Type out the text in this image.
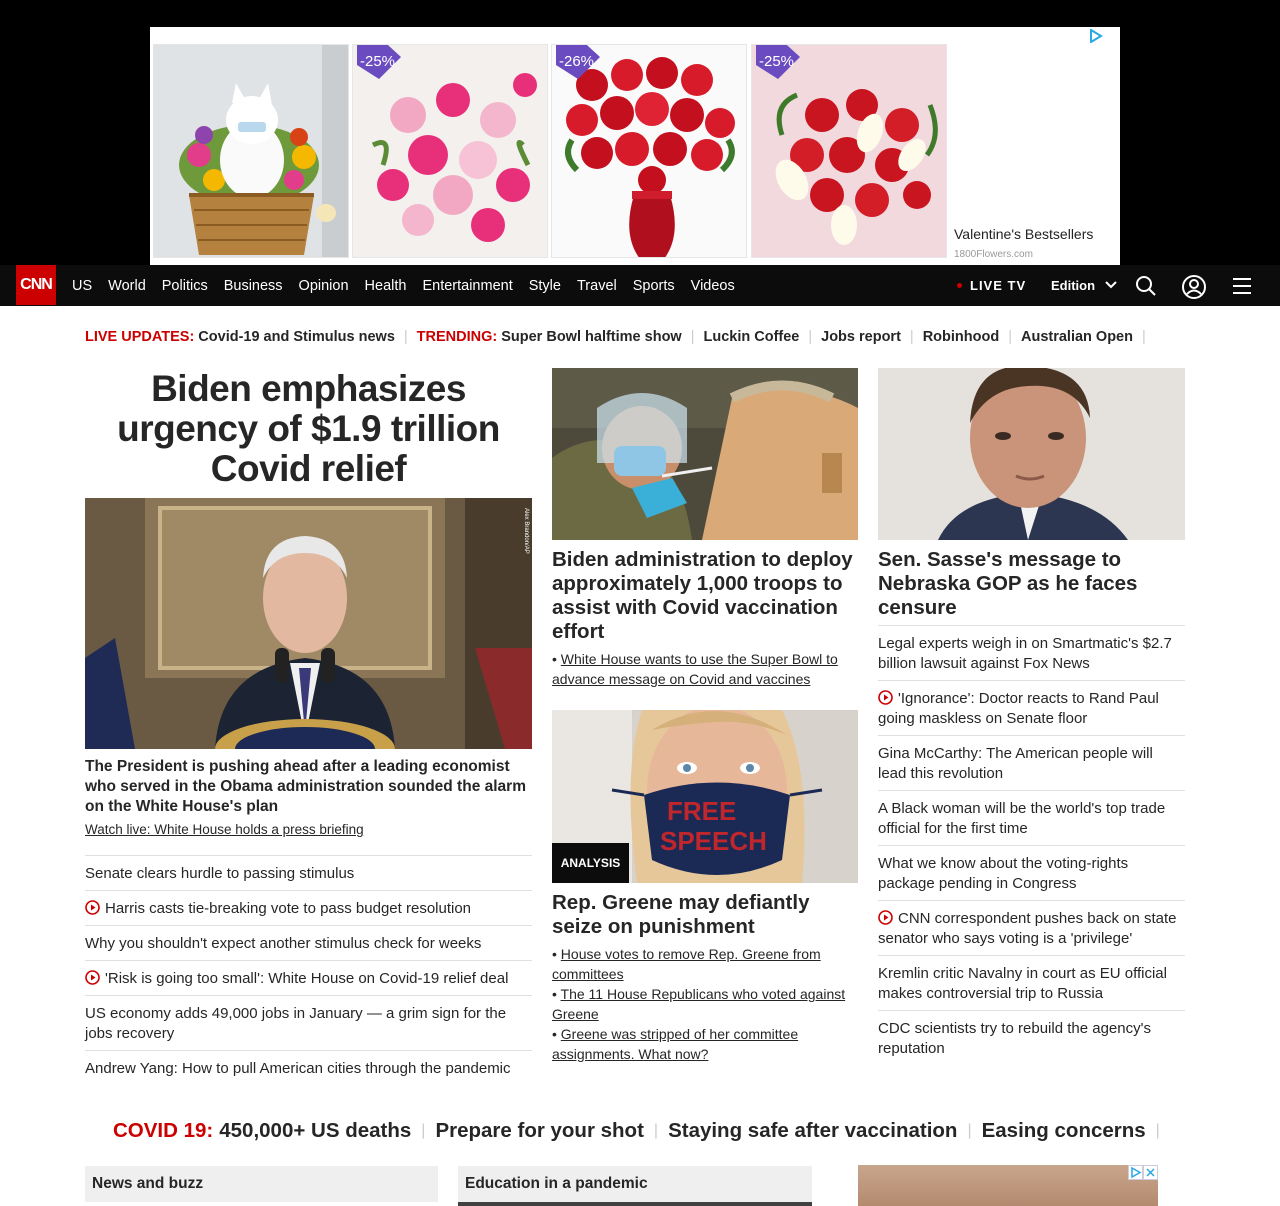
-25%	-26%	-25%
Valentine's Bestsellers
1800Flowers.com
CNN	US	World	Politics	Business	Opinion	Health	Entertainment	Style	Travel	Sports	Videos	LIVE TV Edition
LIVE UPDATES: Covid-19 and Stimulus news | TRENDING: Super Bowl halftime show | Luckin Coffee | Jobs report | Robinhood | Australian Open |
Biden emphasizes urgency of $1.9 trillion Covid relief
Alex Brandon/AP
The President is pushing ahead after a leading economist who served in the Obama administration sounded the alarm on the White House's plan
Watch live: White House holds a press briefing
Senate clears hurdle to passing stimulus
Harris casts tie-breaking vote to pass budget resolution
Why you shouldn't expect another stimulus check for weeks
'Risk is going too small': White House on Covid-19 relief deal
US economy adds 49,000 jobs in January — a grim sign for the jobs recovery
Andrew Yang: How to pull American cities through the pandemic
Biden administration to deploy approximately 1,000 troops to assist with Covid vaccination effort
• White House wants to use the Super Bowl to advance message on Covid and vaccines
FREE
SPEECH
ANALYSIS
Rep. Greene may defiantly seize on punishment
• House votes to remove Rep. Greene from committees
• The 11 House Republicans who voted against Greene
• Greene was stripped of her committee assignments. What now?
Sen. Sasse's message to Nebraska GOP as he faces censure
Legal experts weigh in on Smartmatic's $2.7 billion lawsuit against Fox News
'Ignorance': Doctor reacts to Rand Paul going maskless on Senate floor
Gina McCarthy: The American people will lead this revolution
A Black woman will be the world's top trade official for the first time
What we know about the voting-rights package pending in Congress
CNN correspondent pushes back on state senator who says voting is a 'privilege'
Kremlin critic Navalny in court as EU official makes controversial trip to Russia
CDC scientists try to rebuild the agency's reputation
COVID 19: 450,000+ US deaths | Prepare for your shot | Staying safe after vaccination | Easing concerns |
News and buzz	Education in a pandemic
